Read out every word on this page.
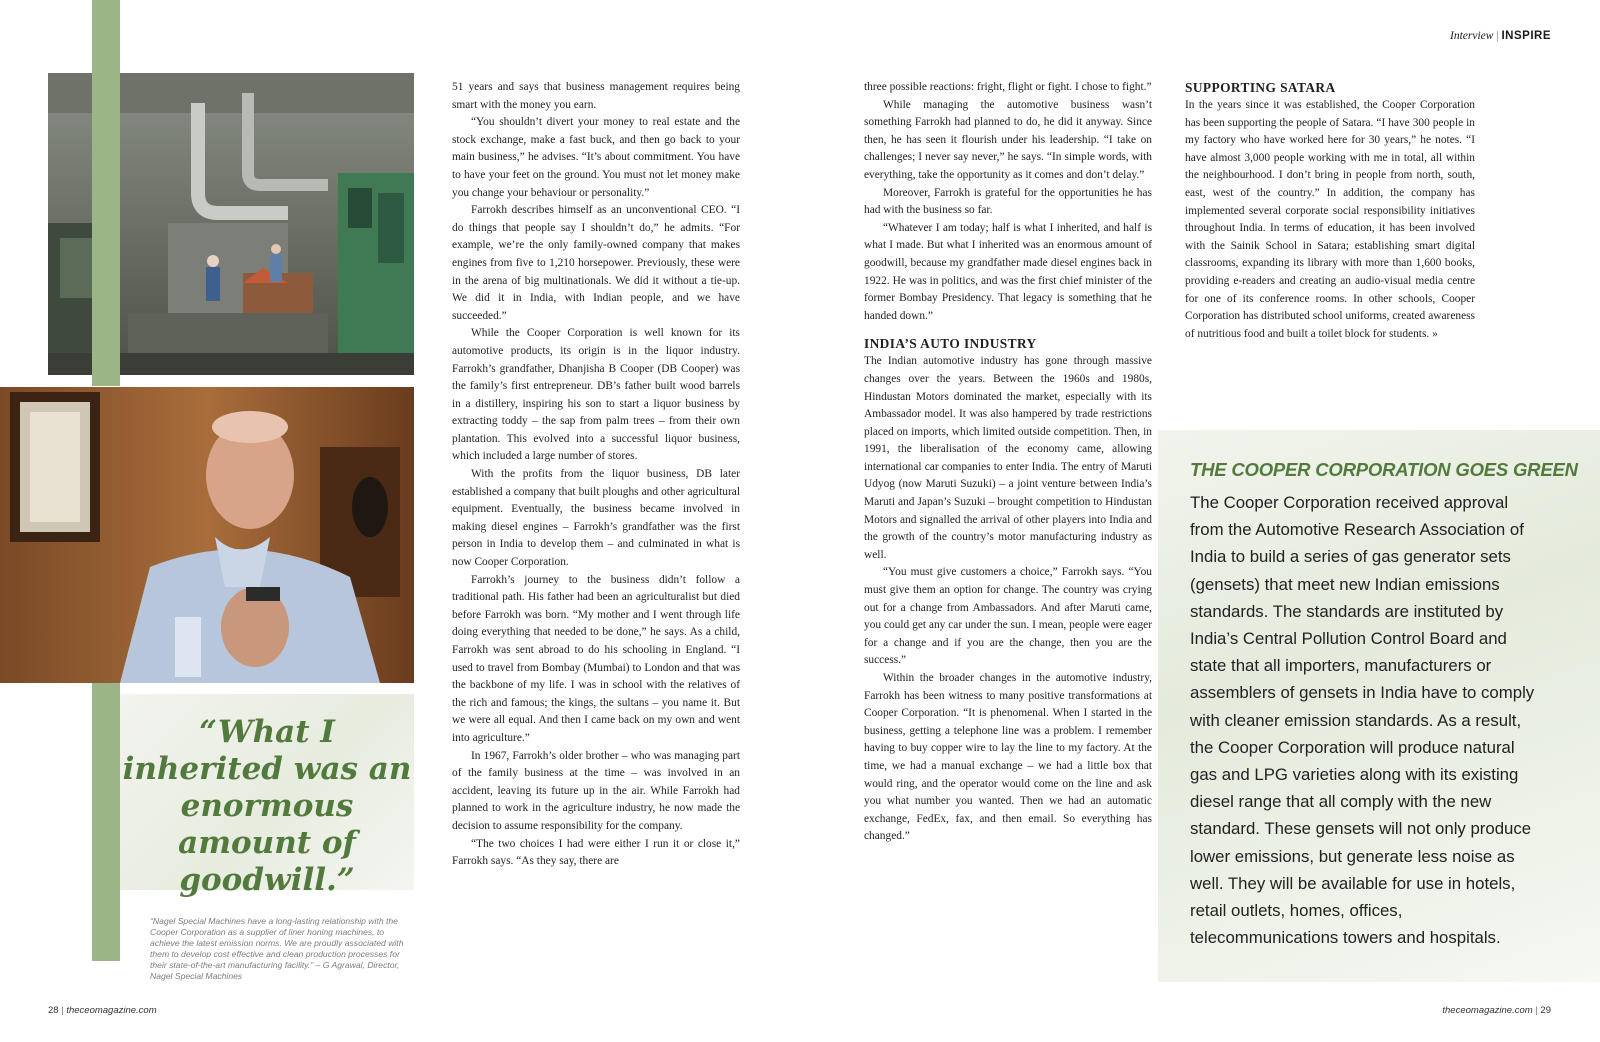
Interview | INSPIRE

“What I inherited was an enormous amount of goodwill.”

“Nagel Special Machines have a long-lasting relationship with the Cooper Corporation as a supplier of liner honing machines, to achieve the latest emission norms. We are proudly associated with them to develop cost effective and clean production processes for their state-of-the-art manufacturing facility.” – G Agrawal, Director, Nagel Special Machines

51 years and says that business management requires being smart with the money you earn.

“You shouldn’t divert your money to real estate and the stock exchange, make a fast buck, and then go back to your main business,” he advises. “It’s about commitment. You have to have your feet on the ground. You must not let money make you change your behaviour or personality.”

Farrokh describes himself as an unconventional CEO. “I do things that people say I shouldn’t do,” he admits. “For example, we’re the only family-owned company that makes engines from five to 1,210 horsepower. Previously, these were in the arena of big multinationals. We did it without a tie-up. We did it in India, with Indian people, and we have succeeded.”

While the Cooper Corporation is well known for its automotive products, its origin is in the liquor industry. Farrokh’s grandfather, Dhanjisha B Cooper (DB Cooper) was the family’s first entrepreneur. DB’s father built wood barrels in a distillery, inspiring his son to start a liquor business by extracting toddy – the sap from palm trees – from their own plantation. This evolved into a successful liquor business, which included a large number of stores.

With the profits from the liquor business, DB later established a company that built ploughs and other agricultural equipment. Eventually, the business became involved in making diesel engines – Farrokh’s grandfather was the first person in India to develop them – and culminated in what is now Cooper Corporation.

Farrokh’s journey to the business didn’t follow a traditional path. His father had been an agriculturalist but died before Farrokh was born. “My mother and I went through life doing everything that needed to be done,” he says. As a child, Farrokh was sent abroad to do his schooling in England. “I used to travel from Bombay (Mumbai) to London and that was the backbone of my life. I was in school with the relatives of the rich and famous; the kings, the sultans – you name it. But we were all equal. And then I came back on my own and went into agriculture.”

In 1967, Farrokh’s older brother – who was managing part of the family business at the time – was involved in an accident, leaving its future up in the air. While Farrokh had planned to work in the agriculture industry, he now made the decision to assume responsibility for the company.

“The two choices I had were either I run it or close it,” Farrokh says. “As they say, there are

three possible reactions: fright, flight or fight. I chose to fight.”

While managing the automotive business wasn’t something Farrokh had planned to do, he did it anyway. Since then, he has seen it flourish under his leadership. “I take on challenges; I never say never,” he says. “In simple words, with everything, take the opportunity as it comes and don’t delay.”

Moreover, Farrokh is grateful for the opportunities he has had with the business so far.

“Whatever I am today; half is what I inherited, and half is what I made. But what I inherited was an enormous amount of goodwill, because my grandfather made diesel engines back in 1922. He was in politics, and was the first chief minister of the former Bombay Presidency. That legacy is something that he handed down.”

INDIA’S AUTO INDUSTRY

The Indian automotive industry has gone through massive changes over the years. Between the 1960s and 1980s, Hindustan Motors dominated the market, especially with its Ambassador model. It was also hampered by trade restrictions placed on imports, which limited outside competition. Then, in 1991, the liberalisation of the economy came, allowing international car companies to enter India. The entry of Maruti Udyog (now Maruti Suzuki) – a joint venture between India’s Maruti and Japan’s Suzuki – brought competition to Hindustan Motors and signalled the arrival of other players into India and the growth of the country’s motor manufacturing industry as well.

“You must give customers a choice,” Farrokh says. “You must give them an option for change. The country was crying out for a change from Ambassadors. And after Maruti came, you could get any car under the sun. I mean, people were eager for a change and if you are the change, then you are the success.”

Within the broader changes in the automotive industry, Farrokh has been witness to many positive transformations at Cooper Corporation. “It is phenomenal. When I started in the business, getting a telephone line was a problem. I remember having to buy copper wire to lay the line to my factory. At the time, we had a manual exchange – we had a little box that would ring, and the operator would come on the line and ask you what number you wanted. Then we had an automatic exchange, FedEx, fax, and then email. So everything has changed.”

SUPPORTING SATARA

In the years since it was established, the Cooper Corporation has been supporting the people of Satara. “I have 300 people in my factory who have worked here for 30 years,” he notes. “I have almost 3,000 people working with me in total, all within the neighbourhood. I don’t bring in people from north, south, east, west of the country.” In addition, the company has implemented several corporate social responsibility initiatives throughout India. In terms of education, it has been involved with the Sainik School in Satara; establishing smart digital classrooms, expanding its library with more than 1,600 books, providing e-readers and creating an audio-visual media centre for one of its conference rooms. In other schools, Cooper Corporation has distributed school uniforms, created awareness of nutritious food and built a toilet block for students. »

THE COOPER CORPORATION GOES GREEN

The Cooper Corporation received approval from the Automotive Research Association of India to build a series of gas generator sets (gensets) that meet new Indian emissions standards. The standards are instituted by India’s Central Pollution Control Board and state that all importers, manufacturers or assemblers of gensets in India have to comply with cleaner emission standards. As a result, the Cooper Corporation will produce natural gas and LPG varieties along with its existing diesel range that all comply with the new standard. These gensets will not only produce lower emissions, but generate less noise as well. They will be available for use in hotels, retail outlets, homes, offices, telecommunications towers and hospitals.

28 | theceomagazine.com	theceomagazine.com | 29
